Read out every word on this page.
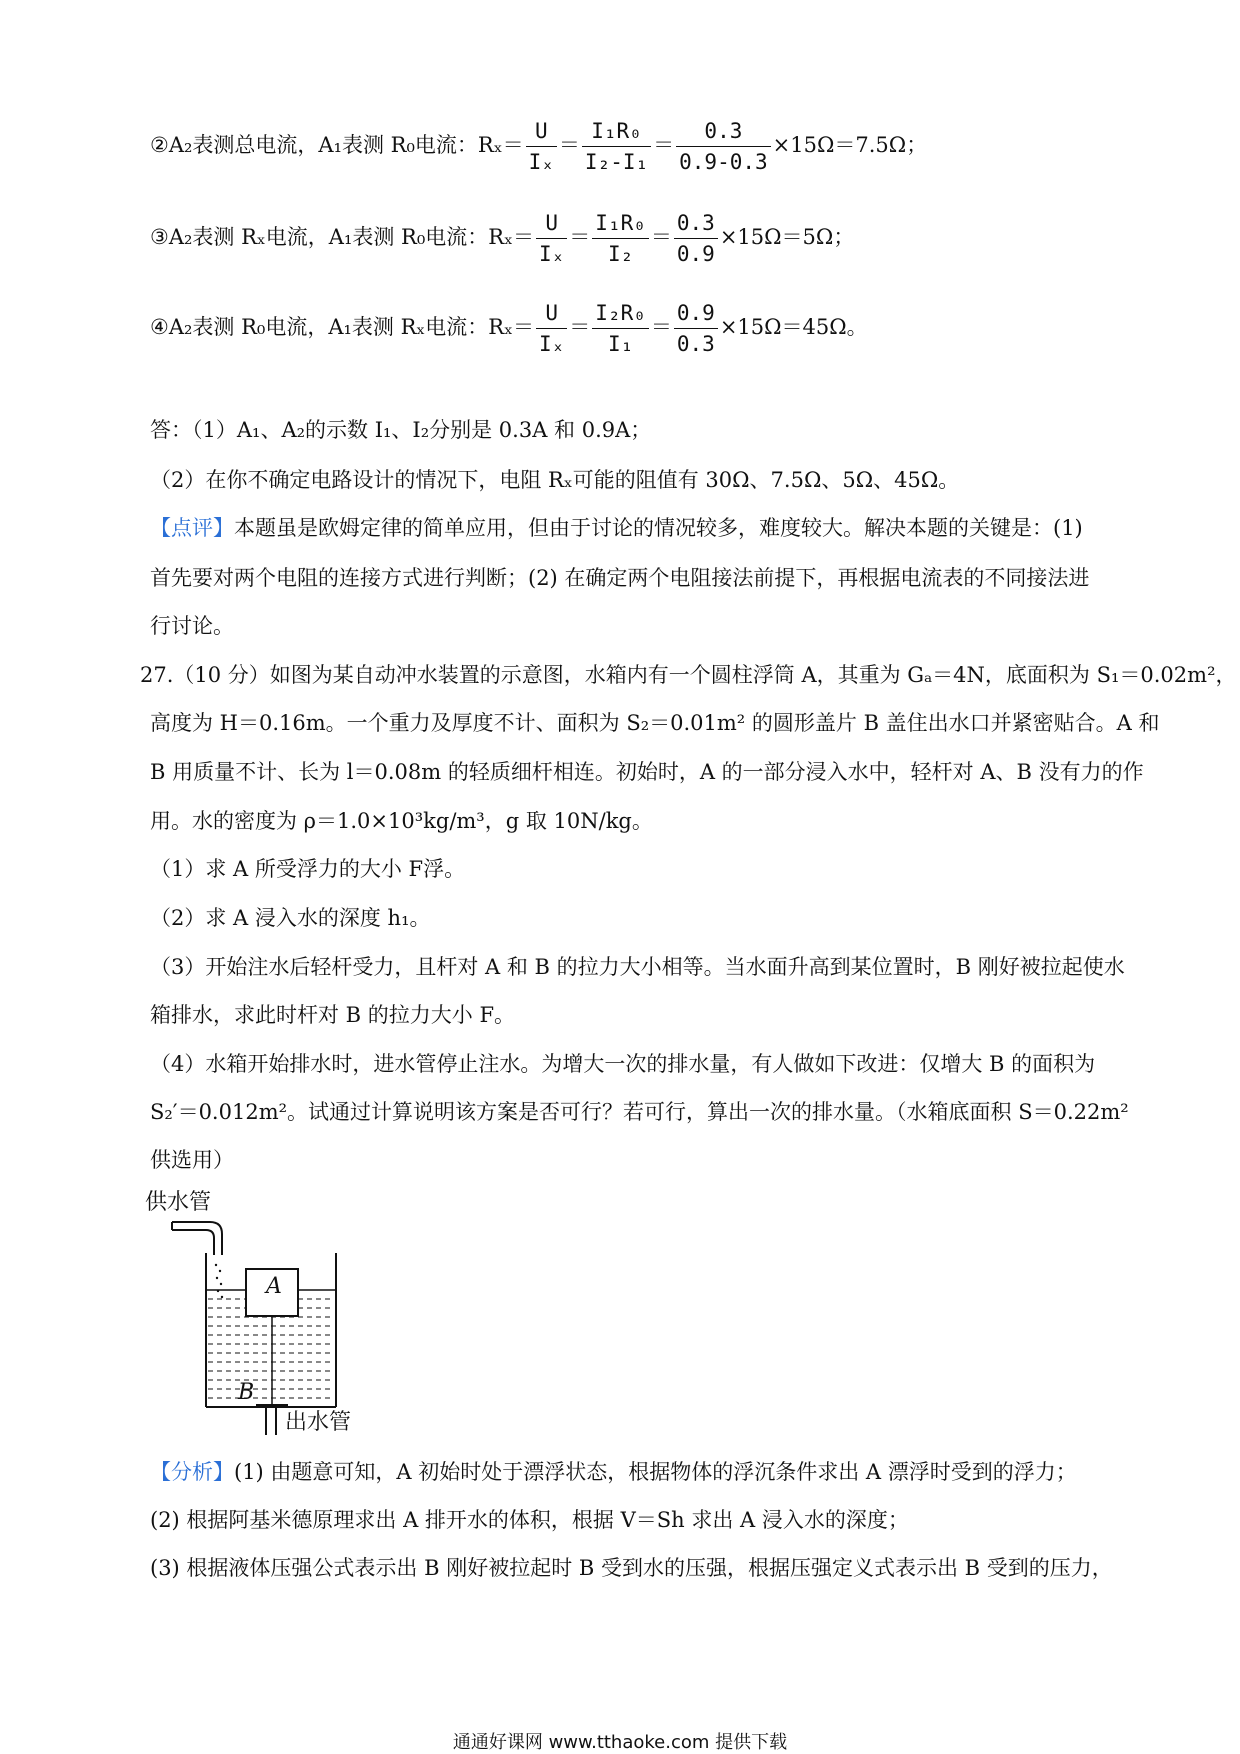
②A₂表测总电流，A₁表测 R₀电流：$R_x= \frac{U}{\text{Iₓ}} = \frac{\text{I₁R₀}}{\text{I₂-I₁}} = \frac{0.3}{0.9-0.3} \times 15\Omega=7.5\Omega$；
③A₂表测 Rₓ电流，A₁表测 R₀电流：$R_x= \frac{U}{\text{Iₓ}} = \frac{\text{I₁R₀}}{\text{I₂}} = \frac{0.3}{0.9} \times 15\Omega=5\Omega$；
④A₂表测 R₀电流，A₁表测 Rₓ电流：$R_x= \frac{U}{\text{Iₓ}} = \frac{\text{I₂R₀}}{\text{I₁}} = \frac{0.9}{0.3} \times 15\Omega=45\Omega$。
答：（1）A₁、A₂的示数 I₁、I₂分别是 0.3A 和 0.9A；
（2）在你不确定电路设计的情况下，电阻 Rₓ可能的阻值有 30Ω、7.5Ω、5Ω、45Ω。
【点评】本题虽是欧姆定律的简单应用，但由于讨论的情况较多，难度较大。解决本题的关键是：(1)
首先要对两个电阻的连接方式进行判断；(2) 在确定两个电阻接法前提下，再根据电流表的不同接法进
行讨论。
27.（10 分）如图为某自动冲水装置的示意图，水箱内有一个圆柱浮筒 A，其重为 Gₐ＝4N，底面积为 S₁＝0.02m²，
高度为 H＝0.16m。一个重力及厚度不计、面积为 S₂＝0.01m² 的圆形盖片 B 盖住出水口并紧密贴合。A 和
B 用质量不计、长为 l＝0.08m 的轻质细杆相连。初始时，A 的一部分浸入水中，轻杆对 A、B 没有力的作
用。水的密度为 ρ＝1.0×10³kg/m³，g 取 10N/kg。
（1）求 A 所受浮力的大小 F浮。
（2）求 A 浸入水的深度 h₁。
（3）开始注水后轻杆受力，且杆对 A 和 B 的拉力大小相等。当水面升高到某位置时，B 刚好被拉起使水
箱排水，求此时杆对 B 的拉力大小 F。
（4）水箱开始排水时，进水管停止注水。为增大一次的排水量，有人做如下改进：仅增大 B 的面积为
S₂′＝0.012m²。试通过计算说明该方案是否可行？若可行，算出一次的排水量。（水箱底面积 S＝0.22m²
供选用）
供水管
A
B
出水管
【分析】(1) 由题意可知，A 初始时处于漂浮状态，根据物体的浮沉条件求出 A 漂浮时受到的浮力；
(2) 根据阿基米德原理求出 A 排开水的体积，根据 V＝Sh 求出 A 浸入水的深度；
(3) 根据液体压强公式表示出 B 刚好被拉起时 B 受到水的压强，根据压强定义式表示出 B 受到的压力，
通通好课网 www.tthaoke.com 提供下载
